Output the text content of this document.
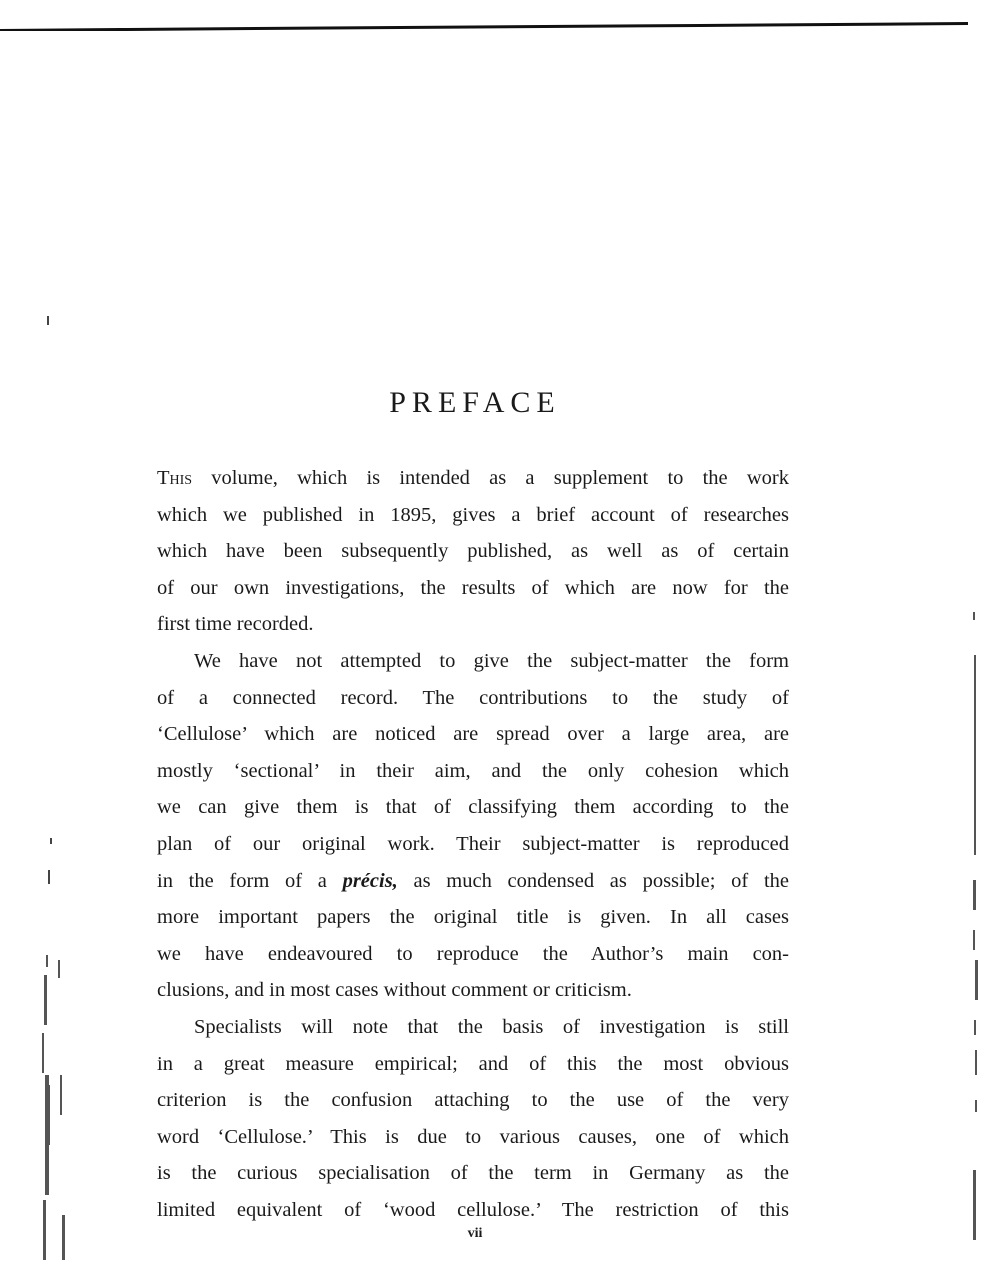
PREFACE
This volume, which is intended as a supplement to the work
which we published in 1895, gives a brief account of researches
which have been subsequently published, as well as of certain
of our own investigations, the results of which are now for the
first time recorded.
We have not attempted to give the subject-matter the form
of a connected record. The contributions to the study of
‘Cellulose’ which are noticed are spread over a large area, are
mostly ‘sectional’ in their aim, and the only cohesion which
we can give them is that of classifying them according to the
plan of our original work. Their subject-matter is reproduced
in the form of a précis, as much condensed as possible; of the
more important papers the original title is given. In all cases
we have endeavoured to reproduce the Author’s main con-
clusions, and in most cases without comment or criticism.
Specialists will note that the basis of investigation is still
in a great measure empirical; and of this the most obvious
criterion is the confusion attaching to the use of the very
word ‘Cellulose.’ This is due to various causes, one of which
is the curious specialisation of the term in Germany as the
limited equivalent of ‘wood cellulose.’ The restriction of this
vii
